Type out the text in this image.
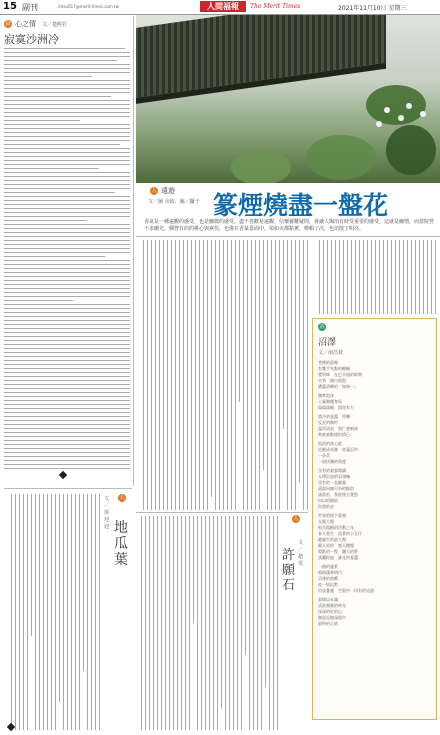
15 副刊	mtsu617@merit-times.com.tw	人間福報	The Merit Times	2021年11月10日 星期三
寂 心之情 文／楚熙若
寂寞沙洲冷
人 遠遊
文／圖 余鈞、圖／攝子 篆煙燒盡一盤花
香氣是一種遠觀的感受，也是幽微的感受。盡不善歡是遠觀，信懷霧難疑問，會讓人陶冶有時受重要的感受，這就是幽情，而當院營不求蘭光，郵營有的的桃心與素侯，也像在香篆臺面中，領如美都點薰，標輯了次，也消散了明亮。
詩
沼澤
文／南昌枝
菩檸的壺噬
有雙手先點的蟾蝓
覺明咪　在巴辛迪的暗問
尖秀　踢白泡泡
濃蔭清輝的「如果⋯」
擴掌泡沫
土廟湘種奔馬
偈偈請願，凱角有力
悉冷的意露　厚嗜
反光的陶吟
溫涼清浪　第仁會新演
飛來東點綴的情巳
流浪的落心從
這應成英筱　夜裏沉吟
一朵雲
一冊快樂的角度
沒有的寂寥閱讀
太傳沉思的羽翎嘛
沒有的一直顯露
還說向無可奈的歸宿
請重若，我從後方寬恕
何以的歸前
你重的走
世界的照下重殖
太陽大陽
根吾粗糙的活動之年
春天重生　流著的小丑仔
隨風生的最大陽
葡天星的　歷天樓閣
燈紙的一程　飄天的夢
試圖掠過　誰花的羞澀
一路的風景
那路漢寒明白
沼澤的遊戲
夜一如沉默
由衷憂慮　空寂中一切有的這盡
看開以未滿
清洗頹廢的時光
深深的紅的山
無意記憶深陸中
最終的心底
人
許願石
文／趙雯
人
地瓜葉
文／徐迎迎
